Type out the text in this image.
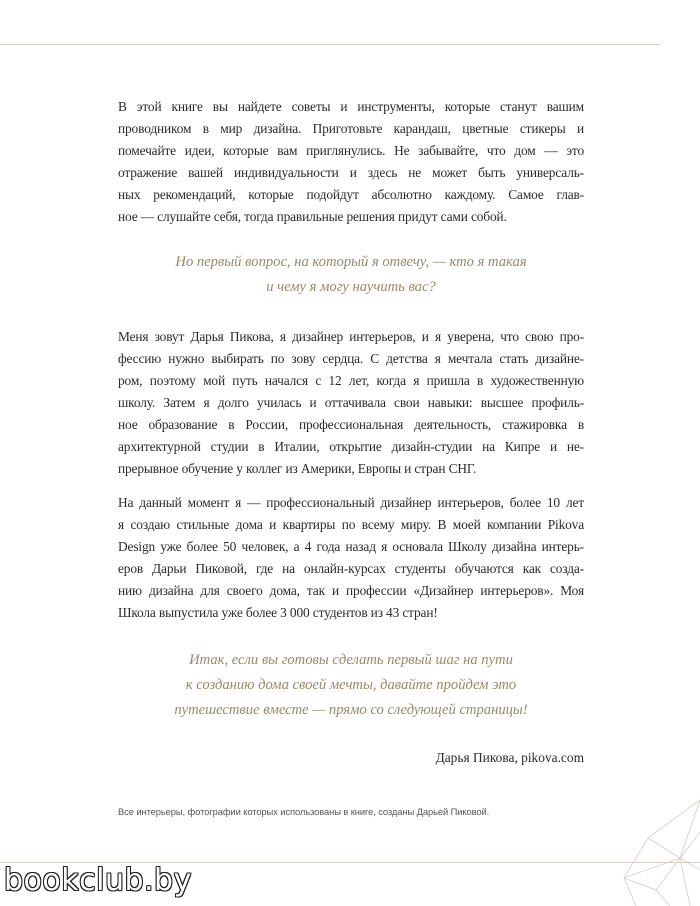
В этой книге вы найдете советы и инструменты, которые станут вашим
проводником в мир дизайна. Приготовьте карандаш, цветные стикеры и
помечайте идеи, которые вам приглянулись. Не забывайте, что дом — это
отражение вашей индивидуальности и здесь не может быть универсаль-
ных рекомендаций, которые подойдут абсолютно каждому. Самое глав-
ное — слушайте себя, тогда правильные решения придут сами собой.

Но первый вопрос, на который я отвечу, — кто я такая
и чему я могу научить вас?

Меня зовут Дарья Пикова, я дизайнер интерьеров, и я уверена, что свою про-
фессию нужно выбирать по зову сердца. С детства я мечтала стать дизайне-
ром, поэтому мой путь начался с 12 лет, когда я пришла в художественную
школу. Затем я долго училась и оттачивала свои навыки: высшее профиль-
ное образование в России, профессиональная деятельность, стажировка в
архитектурной студии в Италии, открытие дизайн-студии на Кипре и не-
прерывное обучение у коллег из Америки, Европы и стран СНГ.

На данный момент я — профессиональный дизайнер интерьеров, более 10 лет
я создаю стильные дома и квартиры по всему миру. В моей компании Pikova
Design уже более 50 человек, а 4 года назад я основала Школу дизайна интерь-
еров Дарьи Пиковой, где на онлайн-курсах студенты обучаются как созда-
нию дизайна для своего дома, так и профессии «Дизайнер интерьеров». Моя
Школа выпустила уже более 3 000 студентов из 43 стран!

Итак, если вы готовы сделать первый шаг на пути
к созданию дома своей мечты, давайте пройдем это
путешествие вместе — прямо со следующей страницы!
Дарья Пикова, pikova.com
Все интерьеры, фотографии которых использованы в книге, созданы Дарьей Пиковой.
bookclub.by
